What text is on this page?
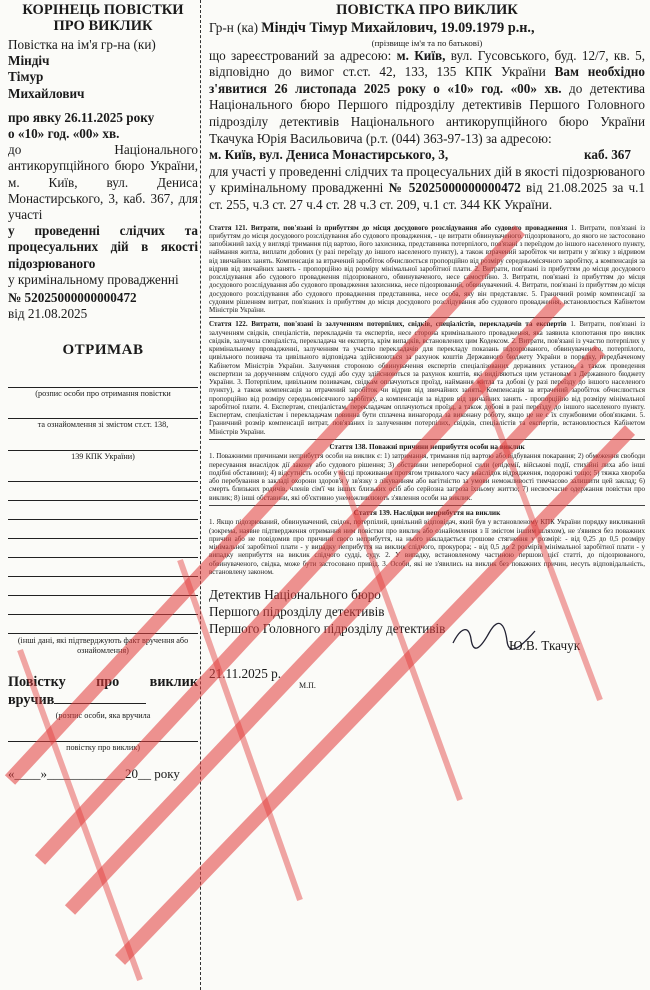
КОРІНЕЦЬ ПОВІСТКИ

ПРО ВИКЛИК

Повістка на ім'я гр-на (ки)

Міндіч

Тімур

Михайлович

про явку 26.11.2025 року

о «10» год. «00» хв.

до Національного антикорупційного бюро України, м. Київ, вул. Дениса Монастирського, 3, каб. 367, для участі

у проведенні слідчих та процесуальних дій в якості підозрюваного

у кримінальному провадженні

№ 52025000000000472

від 21.08.2025

ОТРИМАВ
(розпис особи про отримання повістки
та ознайомлення зі змістом ст.ст. 138,
139 КПК України)
(інші дані, які підтверджують факт вручення або ознайомлення)

Повістку про виклик

вручив

(розпис особи, яка вручила
повістку про виклик)

«____»____________20__ року

ПОВІСТКА ПРО ВИКЛИК

Гр-н (ка) Міндіч Тімур Михайлович, 19.09.1979 р.н.,

(прізвище ім'я та по батькові)

що зареєстрований за адресою: м. Київ, вул. Гусовського, буд. 12/7, кв. 5, відповідно до вимог ст.ст. 42, 133, 135 КПК України Вам необхідно з'явитися 26 листопада 2025 року о «10» год. «00» хв. до детектива Національного бюро Першого підрозділу детективів Першого Головного підрозділу детективів Національного антикорупційного бюро України Ткачука Юрія Васильовича (р.т. (044) 363-97-13) за адресою:

м. Київ, вул. Дениса Монастирського, 3,	каб. 367

для участі у проведенні слідчих та процесуальних дій в якості підозрюваного у кримінальному провадженні № 52025000000000472 від 21.08.2025 за ч.1 ст. 255, ч.3 ст. 27 ч.4 ст. 28 ч.3 ст. 209, ч.1 ст. 344 КК України.

Стаття 121. Витрати, пов'язані із прибуттям до місця досудового розслідування або судового провадження 1. Витрати, пов'язані із прибуттям до місця досудового розслідування або судового провадження, - це витрати обвинуваченого, підозрюваного, до якого не застосовано запобіжний захід у вигляді тримання під вартою, його захисника, представника потерпілого, пов'язані з переїздом до іншого населеного пункту, наймання житла, виплати добових (у разі переїзду до іншого населеного пункту), а також втрачений заробіток чи витрати у зв'язку з відривом від звичайних занять. Компенсація за втрачений заробіток обчислюється пропорційно від розміру середньомісячного заробітку, а компенсація за відрив від звичайних занять - пропорційно від розміру мінімальної заробітної плати. 2. Витрати, пов'язані із прибуттям до місця досудового розслідування або судового провадження підозрюваного, обвинуваченого, несе самостійно. 3. Витрати, пов'язані із прибуттям до місця досудового розслідування або судового провадження захисника, несе підозрюваний, обвинувачений. 4. Витрати, пов'язані із прибуттям до місця досудового розслідування або судового провадження представника, несе особа, яку він представляє. 5. Граничний розмір компенсації за судовим рішенням витрат, пов'язаних із прибуттям до місця досудового розслідування або судового провадження, встановлюється Кабінетом Міністрів України.

Стаття 122. Витрати, пов'язані із залученням потерпілих, свідків, спеціалістів, перекладачів та експертів 1. Витрати, пов'язані із залученням свідків, спеціалістів, перекладачів та експертів, несе сторона кримінального провадження, яка заявила клопотання про виклик свідків, залучила спеціаліста, перекладача чи експерта, крім випадків, встановлених цим Кодексом. 2. Витрати, пов'язані із участю потерпілих у кримінальному провадженні, залученням та участю перекладачів для перекладу показань підозрюваного, обвинуваченого, потерпілого, цивільного позивача та цивільного відповідача здійснюються за рахунок коштів Державного бюджету України в порядку, передбаченому Кабінетом Міністрів України. Залучення стороною обвинувачення експертів спеціалізованих державних установ, а також проведення експертизи за дорученням слідчого судді або суду здійснюються за рахунок коштів, які виділяються цим установам з Державного бюджету України. 3. Потерпілим, цивільним позивачам, свідкам оплачуються проїзд, наймання житла та добові (у разі переїзду до іншого населеного пункту), а також компенсація за втрачений заробіток чи відрив від звичайних занять. Компенсація за втрачений заробіток обчислюється пропорційно від розміру середньомісячного заробітку, а компенсація за відрив від звичайних занять - пропорційно від розміру мінімальної заробітної плати. 4. Експертам, спеціалістам, перекладачам оплачуються проїзд, а також добові в разі переїзду до іншого населеного пункту. Експертам, спеціалістам і перекладачам повинна бути сплачена винагорода за виконану роботу, якщо це не є їх службовими обов'язками. 5. Граничний розмір компенсації витрат, пов'язаних із залученням потерпілих, свідків, спеціалістів та експертів, встановлюється Кабінетом Міністрів України.

Стаття 138. Поважні причини неприбуття особи на виклик

1. Поважними причинами неприбуття особи на виклик є: 1) затримання, тримання під вартою або відбування покарання; 2) обмеження свободи пересування внаслідок дії закону або судового рішення; 3) обставини непереборної сили (епідемії, військові події, стихійні лиха або інші подібні обставини); 4) відсутність особи у місці проживання протягом тривалого часу внаслідок відрядження, подорожі тощо; 5) тяжка хвороба або перебування в закладі охорони здоров'я у зв'язку з лікуванням або вагітністю за умови неможливості тимчасово залишити цей заклад; 6) смерть близьких родичів, членів сім'ї чи інших близьких осіб або серйозна загроза їхньому життю; 7) несвоєчасне одержання повістки про виклик; 8) інші обставини, які об'єктивно унеможливлюють з'явлення особи на виклик.

Стаття 139. Наслідки неприбуття на виклик

1. Якщо підозрюваний, обвинувачений, свідок, потерпілий, цивільний відповідач, який був у встановленому КПК України порядку викликаний (зокрема, наявне підтвердження отримання ним повістки про виклик або ознайомлення з її змістом іншим шляхом), не з'явився без поважних причин або не повідомив про причини свого неприбуття, на нього накладається грошове стягнення у розмірі: - від 0,25 до 0,5 розміру мінімальної заробітної плати - у випадку неприбуття на виклик слідчого, прокурора; - від 0,5 до 2 розмірів мінімальної заробітної плати - у випадку неприбуття на виклик слідчого судді, суду. 2. У випадку, встановленому частиною першою цієї статті, до підозрюваного, обвинуваченого, свідка, може бути застосовано привід. 3. Особи, які не з'явились на виклик без поважних причин, несуть відповідальність, встановлену законом.

Детектив Національного бюро

Першого підрозділу детективів

Першого Головного підрозділу детективів

Ю.В. Ткачук
21.11.2025 р.
М.П.
